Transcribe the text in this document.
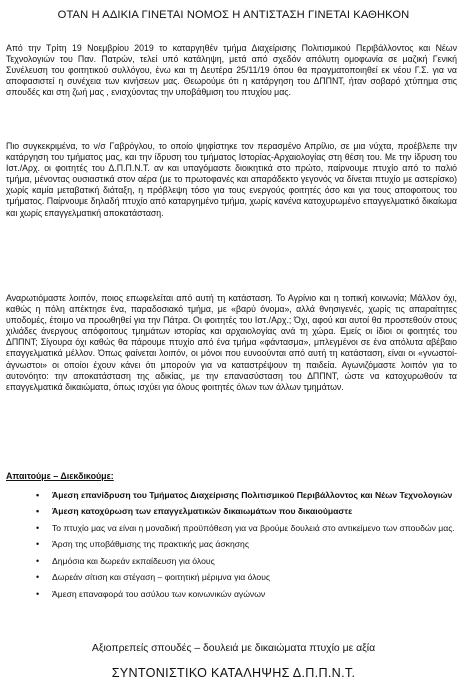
ΟΤΑΝ Η ΑΔΙΚΙΑ ΓΙΝΕΤΑΙ ΝΟΜΟΣ Η ΑΝΤΙΣΤΑΣΗ ΓΙΝΕΤΑΙ ΚΑΘΗΚΟΝ
Από την Τρίτη 19 Νοεμβρίου 2019 το καταργηθέν τμήμα Διαχείρισης Πολιτισμικού Περιβάλλοντος και Νέων Τεχνολογιών του Παν. Πατρών, τελεί υπό κατάληψη, μετά από σχεδόν απόλυτη ομοφωνία σε μαζική Γενική Συνέλευση του φοιτητικού συλλόγου, ένω και τη Δευτέρα 25/11/19 όπου θα πραγματοποιηθεί εκ νέου Γ.Σ. για να αποφασιστεί η συνέχεια των κινήσεων μας. Θεωρούμε ότι η κατάργηση του ΔΠΠΝΤ, ήταν σοβαρό χτύπημα στις σπουδές και στη ζωή μας , ενισχύοντας την υποβάθμιση του πτυχίου μας.
Πιο συγκεκριμένα, το ν/σ Γαβρόγλου, το οποίο ψηφίστηκε τον περασμένο Απρίλιο, σε μια νύχτα, προέβλεπε την κατάργηση του τμήματος μας, και την ίδρυση του τμήματος Ιστορίας-Αρχαιολογίας στη θέση του. Με την ίδρυση του Ιστ./Αρχ. οι φοιτητές του Δ.Π.Π.Ν.Τ. αν και υπαγόμαστε διοικητικά στο πρώτο, παίρνουμε πτυχίο από το παλιό τμήμα, μένοντας ουσιαστικά στον αέρα (με το πρωτοφανές και απαράδεκτο γεγονός να δίνεται πτυχίο με αστερίσκο) χωρίς καμία μεταβατική διάταξη, η πρόβλεψη τόσο για τους ενεργούς φοιτητές όσο και για τους αποφοιτους του τμήματος. Παίρνουμε δηλαδή πτυχίο από καταργημένο τμήμα, χωρίς κανένα κατοχυρωμένο επαγγελματικό δικαίωμα και χωρίς επαγγελματική αποκατάσταση.
Αναρωτιόμαστε λοιπόν, ποιος επωφελείται από αυτή τη κατάσταση. Το Αγρίνιο και η τοπική κοινωνία; Μάλλον όχι, καθώς η πόλη απέκτησε ένα, παραδοσιακό τμήμα, με «βαρύ όνομα», αλλά θνησιγενές, χωρίς τις απαραίτητες υποδομές, έτοιμο να προωθηθεί για την Πάτρα. Οι φοιτητές του Ιστ./Αρχ.; Όχι, αφού και αυτοί θα προστεθούν στους χιλιάδες άνεργους απόφοιτους τμημάτων ιστορίας και αρχαιολογίας ανά τη χώρα. Εμείς οι ίδιοι οι φοιτητές του ΔΠΠΝΤ; Σίγουρα όχι καθώς θα πάρουμε πτυχίο από ένα τμήμα «φάντασμα», μπλεγμένοι σε ένα απόλυτα αβέβαιο επαγγελματικά μέλλον. Όπως φαίνεται λοιπόν, οι μόνοι που ευνοούνται από αυτή τη κατάσταση, είναι οι «γνωστοί-άγνωστοι» οι οποίοι έχουν κάνει ότι μπορούν για να καταστρέψουν τη παιδεία. Αγωνιζόμαστε λοιπόν για το αυτονόητο: την αποκατάσταση της αδικίας, με την επανασύσταση του ΔΠΠΝΤ, ώστε να κατοχυρωθούν τα επαγγελματικά δικαιώματα, όπως ισχύει για όλους φοιτητές όλων των άλλων τμημάτων.
Απαιτούμε – Διεκδικούμε:
• Άμεση επανίδρυση του Τμήματος Διαχείρισης Πολιτισμικού Περιβάλλοντος και Νέων Τεχνολογιών
• Άμεση κατοχύρωση των επαγγελματικών δικαιωμάτων που δικαιούμαστε
• Το πτυχίο μας να είναι η μοναδική προϋπόθεση για να βρούμε δουλειά στο αντικείμενο των σπουδών μας.
• Άρση της υποβάθμισης της πρακτικής μας άσκησης
• Δημόσια και δωρεάν εκπαίδευση για όλους
• Δωρεάν σίτιση και στέγαση – φοιτητική μέριμνα για όλους
• Άμεση επαναφορά του ασύλου των κοινωνικών αγώνων
Αξιοπρεπείς σπουδές – δουλειά με δικαιώματα πτυχίο με αξία
ΣΥΝΤΟΝΙΣΤΙΚΟ ΚΑΤΑΛΗΨΗΣ Δ.Π.Π.Ν.Τ.
